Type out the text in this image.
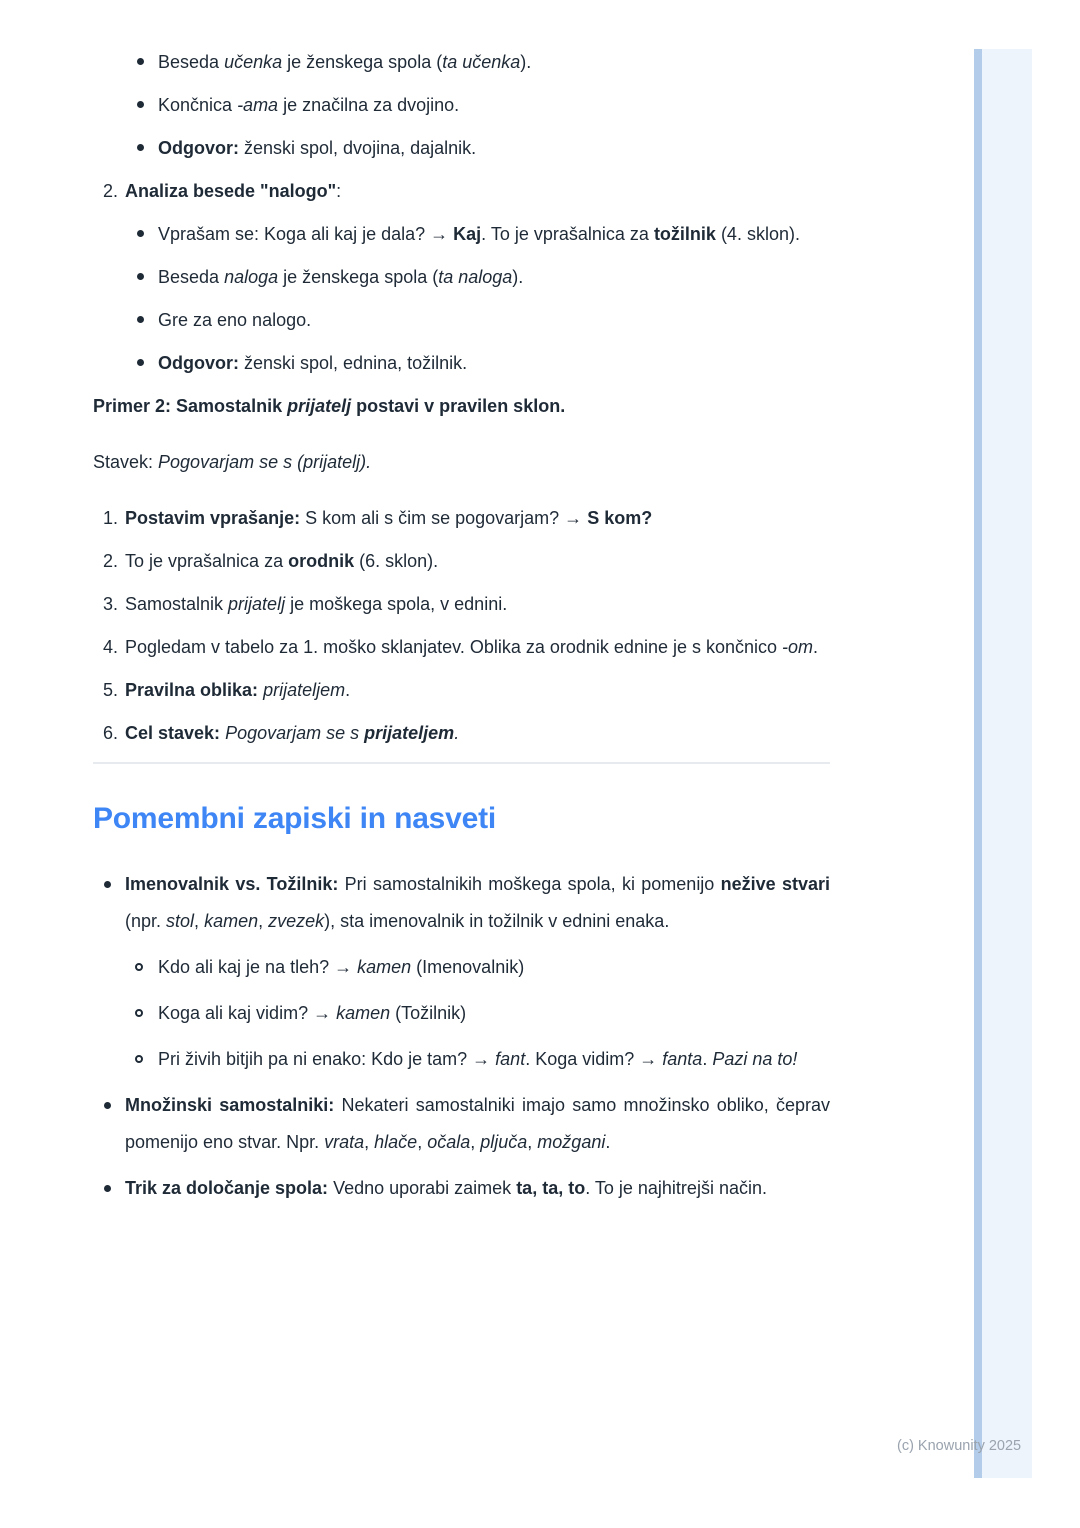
Beseda učenka je ženskega spola (ta učenka).
Končnica -ama je značilna za dvojino.
Odgovor: ženski spol, dvojina, dajalnik.
2. Analiza besede "nalogo":
Vprašam se: Koga ali kaj je dala? → Kaj. To je vprašalnica za tožilnik (4. sklon).
Beseda naloga je ženskega spola (ta naloga).
Gre za eno nalogo.
Odgovor: ženski spol, ednina, tožilnik.
Primer 2: Samostalnik prijatelj postavi v pravilen sklon.
Stavek: Pogovarjam se s (prijatelj).
1. Postavim vprašanje: S kom ali s čim se pogovarjam? → S kom?
2. To je vprašalnica za orodnik (6. sklon).
3. Samostalnik prijatelj je moškega spola, v ednini.
4. Pogledam v tabelo za 1. moško sklanjatev. Oblika za orodnik ednine je s končnico -om.
5. Pravilna oblika: prijateljem.
6. Cel stavek: Pogovarjam se s prijateljem.
Pomembni zapiski in nasveti
Imenovalnik vs. Tožilnik: Pri samostalnikih moškega spola, ki pomenijo nežive stvari (npr. stol, kamen, zvezek), sta imenovalnik in tožilnik v ednini enaka.
Kdo ali kaj je na tleh? → kamen (Imenovalnik)
Koga ali kaj vidim? → kamen (Tožilnik)
Pri živih bitjih pa ni enako: Kdo je tam? → fant. Koga vidim? → fanta. Pazi na to!
Množinski samostalniki: Nekateri samostalniki imajo samo množinsko obliko, čeprav pomenijo eno stvar. Npr. vrata, hlače, očala, pljuča, možgani.
Trik za določanje spola: Vedno uporabi zaimek ta, ta, to. To je najhitrejši način.
(c) Knowunity 2025
